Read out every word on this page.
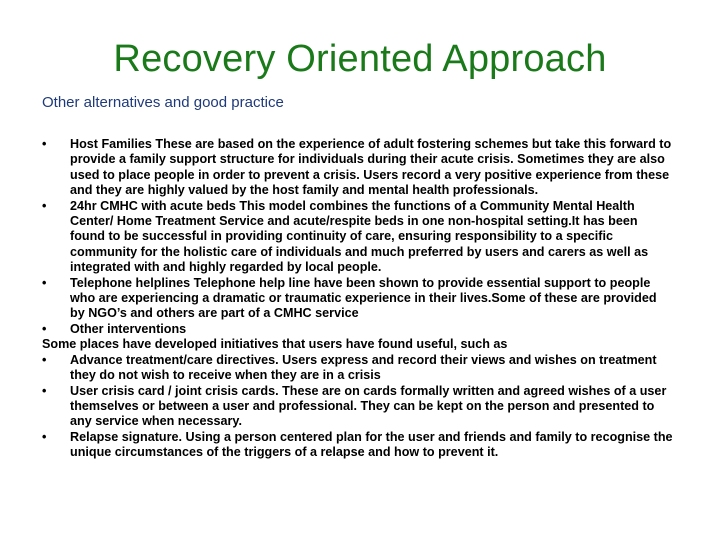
Recovery Oriented Approach
Other alternatives and good practice
•	Host Families These are based on the experience of adult fostering schemes but take this forward to provide a family support structure for individuals during their acute crisis. Sometimes they are also used to place people in order to prevent a crisis. Users record a very positive experience from these and they are highly valued by the host family and mental health professionals.
•	24hr CMHC with acute beds This model combines the functions of a Community Mental Health Center/ Home Treatment Service and acute/respite beds in one non-hospital setting.It has been found to be successful in providing continuity of care, ensuring responsibility to a specific community for the holistic care of individuals and much preferred by users and carers as well as integrated with and highly regarded by local people.
•	Telephone helplines Telephone help line have been shown to provide essential support to people who are experiencing a dramatic or traumatic experience in their lives.Some of these are provided by NGO’s and others are part of a CMHC service
•	Other interventions
Some places have developed initiatives that users have found useful, such as
•	Advance treatment/care directives. Users express and record their views and wishes on treatment they do not wish to receive when they are in a crisis
•	User crisis card / joint crisis cards. These are on cards formally written and agreed wishes of a user themselves or between a user and professional. They can be kept on the person and presented to any service when necessary.
•	Relapse signature. Using a person centered plan for the user and friends and family to recognise the unique circumstances of the triggers of a relapse and how to prevent it.
